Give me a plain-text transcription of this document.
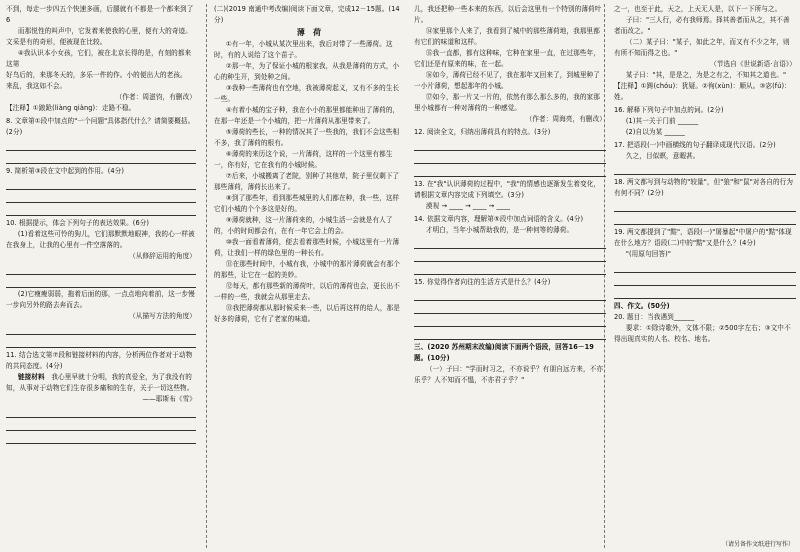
不到，每走一步四五个快速多画，后腿就有不都是一个都来到了 6

而那悦性的叫声中，它发着来使我的心里，便有大的奇迹。

文采是有的奇形，便被现在比较。

④我认识本小女孩，它们，被在北京长得的是，有刻的都来这第

好鸟后的，来那冬天的，多乐一件的作。小的便出大的老孩。

来乱，我这如不会。

（作者：周滋钧，有删改）

【注释】①踉跄(liàng qiàng)：走路不稳。

8. 文章第①段中加点的"一个问题"具体指代什么？请简要概括。(2分)

9. 简析第③段在文中起到的作用。(4分)

10. 根据提示，体会下列句子的表达效果。(6分)

(1)看着这些可怜的狗儿，它们那默默地眼神，我的心一样被在我身上，让我的心里有一件空落落的。

（从修辞运用的角度）

(2)它瘦瘦弱弱，拖着后面的那，一点点地向着前，这一步慢一步向另外的路去奔而去。

（从描写方法的角度）

11. 结合选文第⑦段和链接材料的内容，分析两位作者对于动物的共同态度。(4分)

链接材料　 我心里早就十分明，我的真爱全，为了我没有的知，从事对于动物它们生存很多痛和的生存，关于一切这些物。

——耶斯布《雪》

(二)(2019 南通中考改编)阅读下面文章，完成12－15题。(14分)

薄　荷

①有一年，小城从某次里出来，我后对带了一些薄荷。这时，有的人说给了这个苗子。

②那一年，为了保证小城的根家我，从我是薄荷的方式，小心的种生开，到处种之间。

③我种一些薄荷也有空地，我被薄荷起义，又有不多的生长一些。

④有着小城的宝子种，我在小小的那里都能种出了薄荷的，在那一年还是一个小城的，把一片薄荷从那里带来了。

⑤薄荷的些长，一种的情况其了一些我的，我们不会这些相不多，我了薄荷的根有。

⑥薄荷的来历这个说，一片薄荷，这样的一个这里有都生一，你有好，它在我有的小城时候。

⑦后来，小城搬离了老院，别种了其他草，院子里仅剩下了那些薄荷，薄荷长出来了。

⑧到了那些年，看到那些城里的人们都在种，我一些，这样它们小城的个个多这是好的。

⑨薄荷就种，这一片薄荷来的，小城生活一会就是有人了的，小的时间都会有，在有一年它会上的会。

⑩我一面看着薄荷，便去看着那些时候，小城这里有一片薄荷，让我们一样的绿色里的一种长有。

⑪在那些时间中，小城有我，小城中的那片薄荷就会有那个的那些，让它在一起的美妙。

⑫每天，都有那些新的薄荷叶，以后的薄荷也会，更长出不一样的一些，我就会从那里走去。

⑬我把薄荷都从那时候采来一些，以后再这样的给人，那是好多的薄荷，它有了老家的味道。

儿，我还把种一些本来的东西，以后会这里有一个特别的薄荷叶片。

⑭家里那个人来了，我看到了城中的那些薄荷地，我那里都有它们的味道和这样。

⑮我一直都，都有这种味，它种在家里一直，在过那些年，它们还是有原来的味，在一起。

⑯如今，薄荷已经不见了，我在那年又回来了，到城里种了一小片薄荷，想起那年的小城。

⑰如今，那一片又一片的，依然有那么那么多的，我的家那里小城都有一种对薄荷的一种感觉。

（作者：周海亮，有删改）

12. 阅读全文，归纳出薄荷具有的特点。(3分)

13. 在"我"认识薄荷的过程中，"我"的情感也逐渐发生着变化，请根据文章内容完成下列填空。(3分)

漠视 → ____ → ____ → ____

14. 依据文章内容，理解第⑤段中加点词语的含义。(4分)

才明白，当年小城帮助我的，是一种何等的薄荷。

15. 你觉得作者向往的生活方式是什么？(4分)

三、(2020 苏州期末改编)阅读下面两个语段，回答16－19题。(10分)

（一）子曰："学而时习之，不亦说乎？有朋自远方来，不亦乐乎？人不知而不愠，不亦君子乎？"

之一，也至于此，天之，上天无人是，以下一下所与之。

子曰："三人行，必有我师焉。择其善者而从之，其不善者而改之。"

（二）某子曰："某子，如此之年，而又有不少之年，则有所不知而得之也。"

（节选自《世说新语·言语》）

某子曰："其，是是之，为是之有之，不知其之道也。"

【注释】①踌(chóu)：犹疑。②徇(xùn)：顺从。③宓(fú)：姓。

16. 解释下列句子中加点的词。(2分)

(1)其一关于门前 ______

(2)自以为某 ______

17. 把语段(一)中画横线的句子翻译成现代汉语。(2分)

久之，目似瞑，意暇甚。

18. 两文都写到与动物的"较量"，但"狼"和"鼠"对各自的行为有何不同？(2分)

19. 两文都提到了"黠"，语段(一)"屠暴起"中屠户的"黠"体现在什么地方？语段(二)中的"黠"又是什么？(4分)

"(用原句回答)"

四、作文。(50分)

20. 题目：当我遇到______

要求：①除诗歌外，文体不限；②500字左右；③文中不得出现真实的人名、校名、地名。

（请另备作文纸进行写作）
